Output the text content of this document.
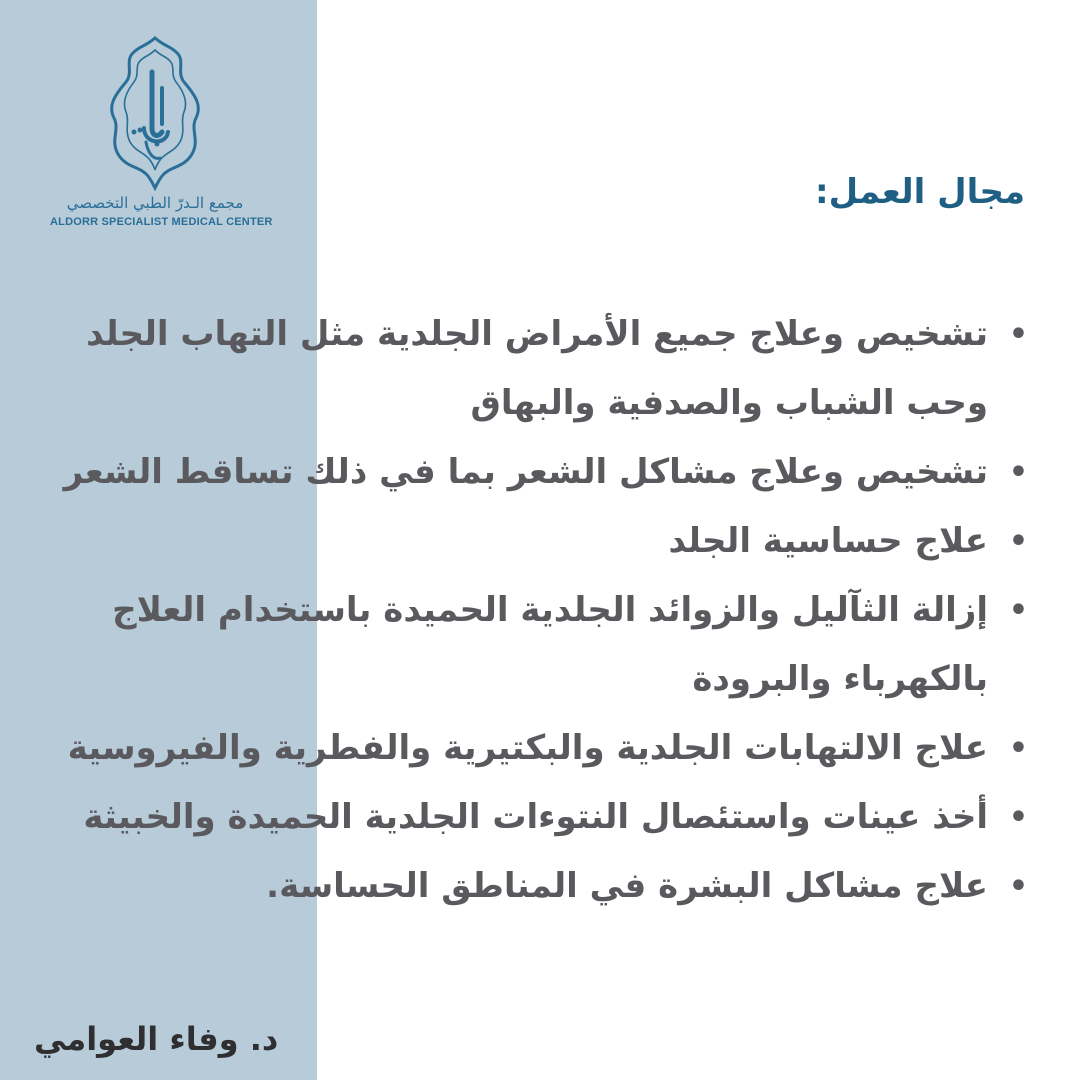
مجمع الـدرّ الطبي التخصصي
ALDORR SPECIALIST MEDICAL CENTER
مجال العمل:
•
تشخيص وعلاج جميع الأمراض الجلدية مثل التهاب الجلد وحب الشباب والصدفية والبهاق
•
تشخيص وعلاج مشاكل الشعر بما في ذلك تساقط الشعر
•
علاج حساسية الجلد
•
إزالة الثآليل والزوائد الجلدية الحميدة باستخدام العلاج بالكهرباء والبرودة
•
علاج الالتهابات الجلدية والبكتيرية والفطرية والفيروسية
•
أخذ عينات واستئصال النتوءات الجلدية الحميدة والخبيثة
•
علاج مشاكل البشرة في المناطق الحساسة.
د. وفاء العوامي
